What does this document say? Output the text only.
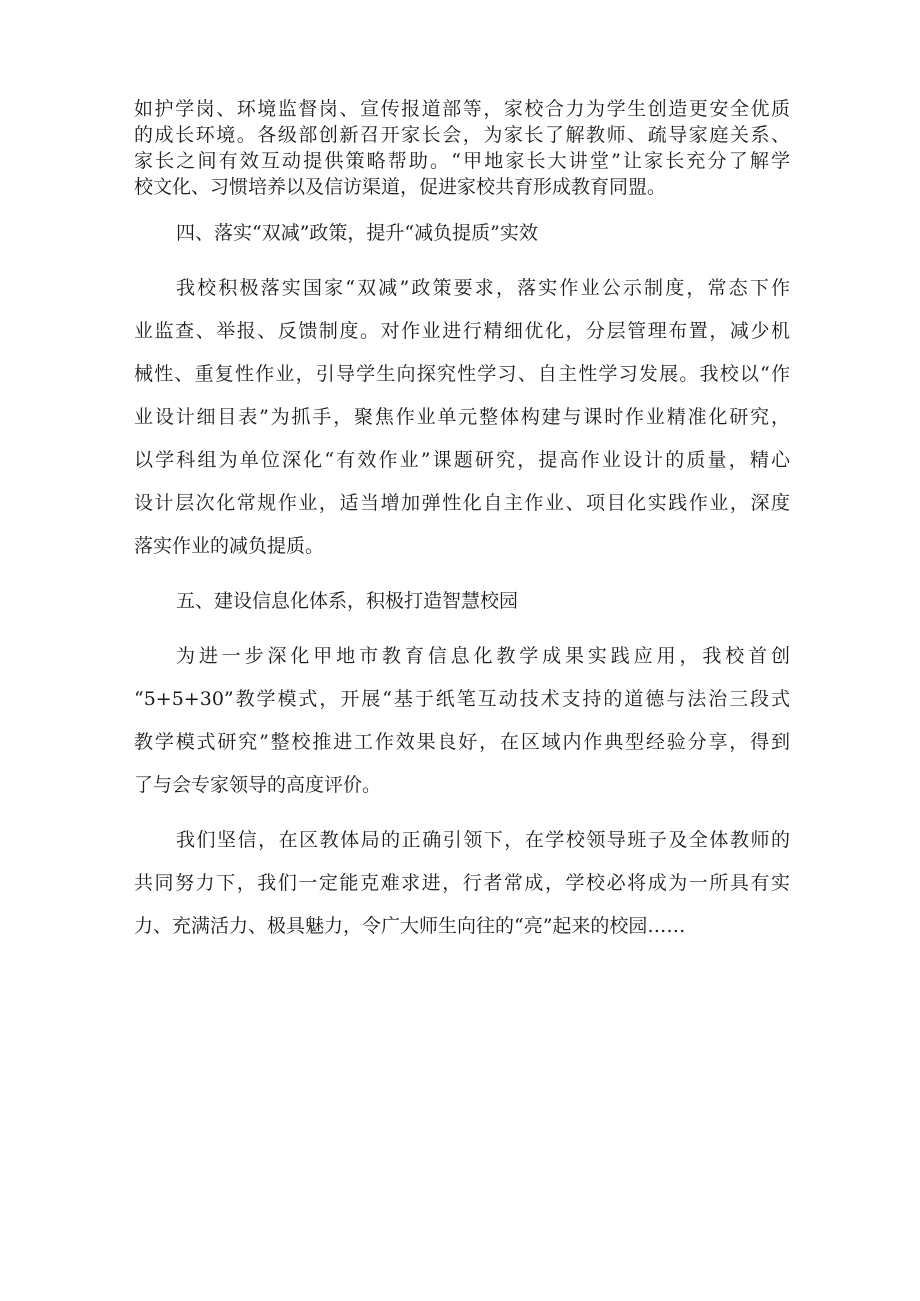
如护学岗、环境监督岗、宣传报道部等，家校合力为学生创造更安全优质
的成长环境。各级部创新召开家长会，为家长了解教师、疏导家庭关系、
家长之间有效互动提供策略帮助。“甲地家长大讲堂”让家长充分了解学
校文化、习惯培养以及信访渠道，促进家校共育形成教育同盟。
四、落实“双减”政策，提升“减负提质”实效
我校积极落实国家“双减”政策要求，落实作业公示制度，常态下作
业监查、举报、反馈制度。对作业进行精细优化，分层管理布置，减少机
械性、重复性作业，引导学生向探究性学习、自主性学习发展。我校以“作
业设计细目表”为抓手，聚焦作业单元整体构建与课时作业精准化研究，
以学科组为单位深化“有效作业”课题研究，提高作业设计的质量，精心
设计层次化常规作业，适当增加弹性化自主作业、项目化实践作业，深度
落实作业的减负提质。
五、建设信息化体系，积极打造智慧校园
为进一步深化甲地市教育信息化教学成果实践应用，我校首创
“5+5+30”教学模式，开展“基于纸笔互动技术支持的道德与法治三段式
教学模式研究”整校推进工作效果良好，在区域内作典型经验分享，得到
了与会专家领导的高度评价。
我们坚信，在区教体局的正确引领下，在学校领导班子及全体教师的
共同努力下，我们一定能克难求进，行者常成，学校必将成为一所具有实
力、充满活力、极具魅力，令广大师生向往的“亮”起来的校园……
